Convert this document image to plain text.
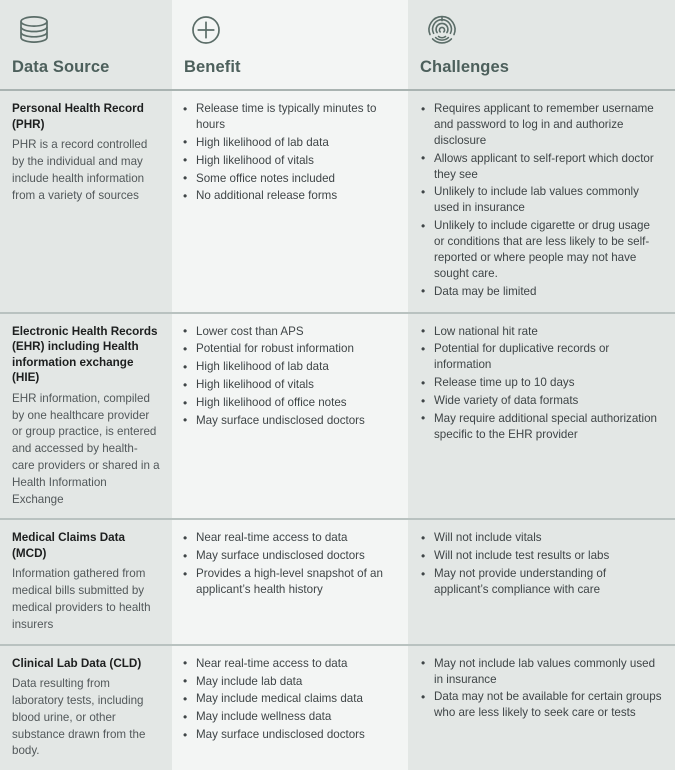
Data Source	Benefit	Challenges

Personal Health Record (PHR)

PHR is a record controlled by the individual and may include health information from a variety of sources

• Release time is typically minutes to hours
• High likelihood of lab data
• High likelihood of vitals
• Some office notes included
• No additional release forms
• Requires applicant to remember username and password to log in and authorize disclosure
• Allows applicant to self-report which doctor they see
• Unlikely to include lab values commonly used in insurance
• Unlikely to include cigarette or drug usage or conditions that are less likely to be self-reported or where people may not have sought care.
• Data may be limited

Electronic Health Records (EHR) including Health information exchange (HIE)

EHR information, compiled by one healthcare provider or group practice, is entered and accessed by health-care providers or shared in a Health Information Exchange

• Lower cost than APS
• Potential for robust information
• High likelihood of lab data
• High likelihood of vitals
• High likelihood of office notes
• May surface undisclosed doctors
• Low national hit rate
• Potential for duplicative records or information
• Release time up to 10 days
• Wide variety of data formats
• May require additional special authorization specific to the EHR provider

Medical Claims Data (MCD)

Information gathered from medical bills submitted by medical providers to health insurers

• Near real-time access to data
• May surface undisclosed doctors
• Provides a high-level snapshot of an applicant’s health history
• Will not include vitals
• Will not include test results or labs
• May not provide understanding of applicant’s compliance with care

Clinical Lab Data (CLD)

Data resulting from laboratory tests, including blood urine, or other substance drawn from the body.

• Near real-time access to data
• May include lab data
• May include medical claims data
• May include wellness data
• May surface undisclosed doctors
• May not include lab values commonly used in insurance
• Data may not be available for certain groups who are less likely to seek care or tests
